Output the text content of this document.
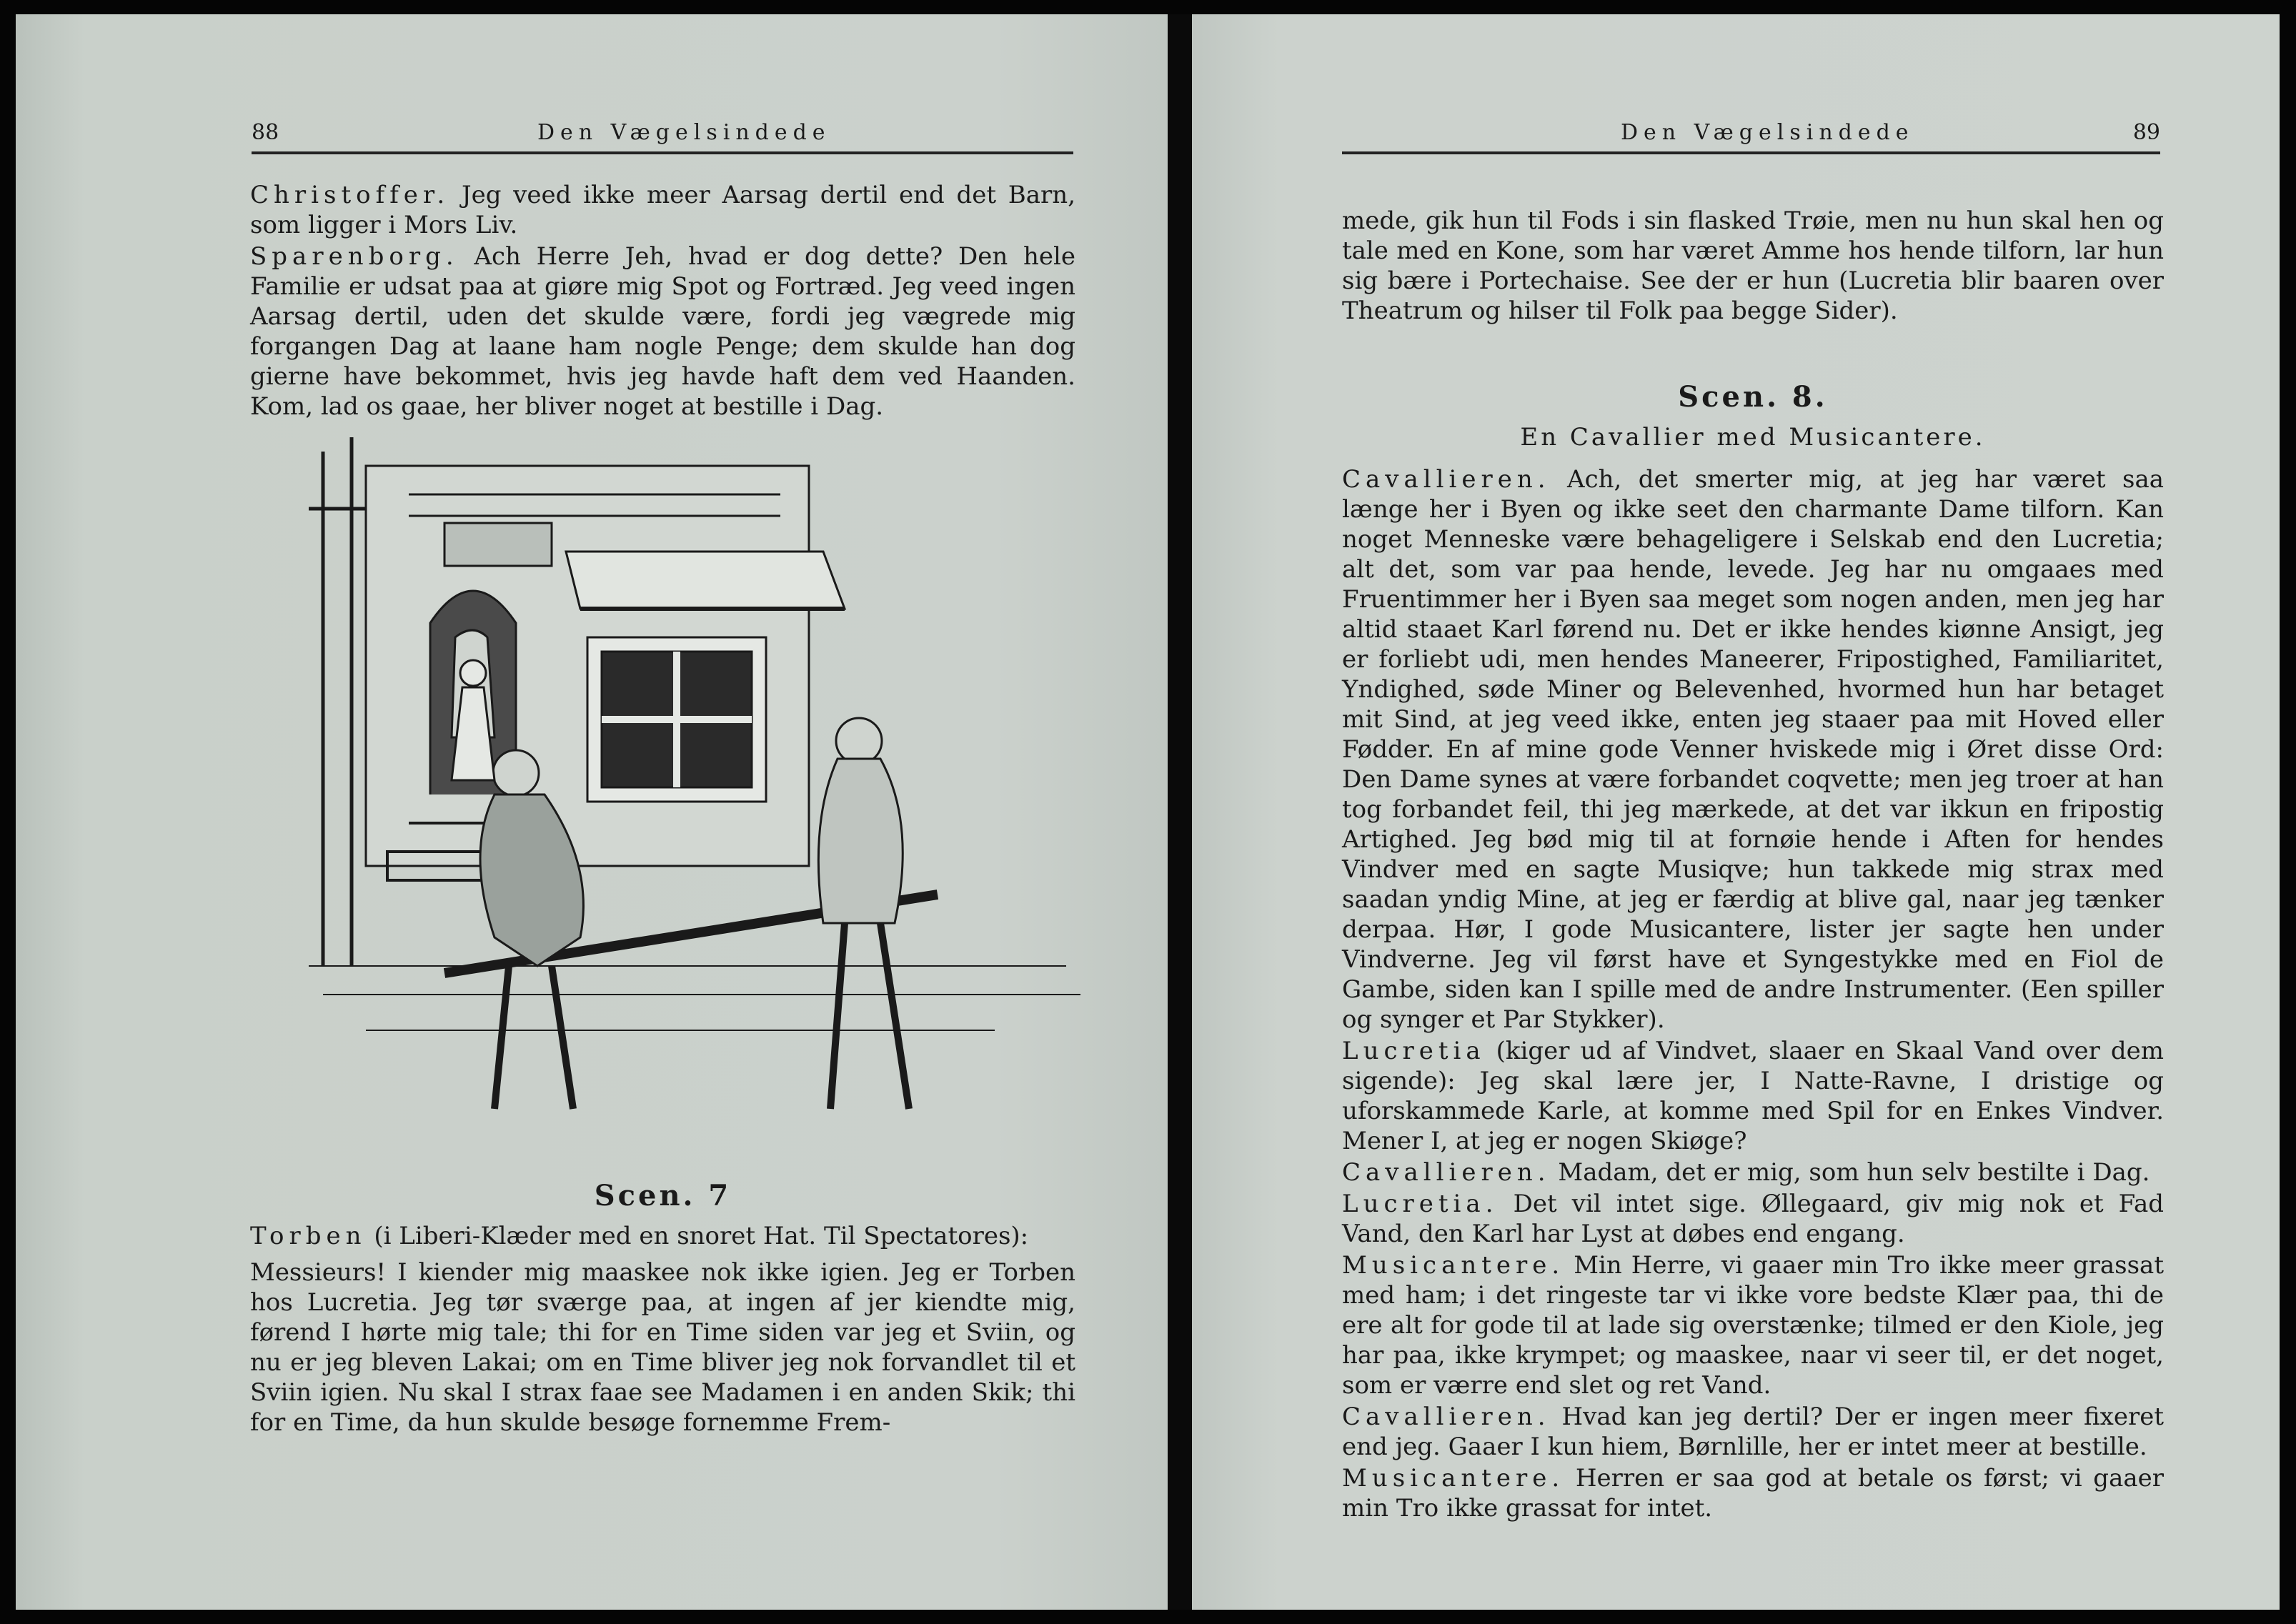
88	Den Vægelsindede

Christoffer. Jeg veed ikke meer Aarsag dertil end det Barn, som ligger i Mors Liv.

Sparenborg. Ach Herre Jeh, hvad er dog dette? Den hele Familie er udsat paa at giøre mig Spot og Fortræd. Jeg veed ingen Aarsag dertil, uden det skulde være, fordi jeg vægrede mig forgangen Dag at laane ham nogle Penge; dem skulde han dog gierne have bekommet, hvis jeg havde haft dem ved Haanden. Kom, lad os gaae, her bliver noget at bestille i Dag.

Scen. 7
Torben (i Liberi-Klæder med en snoret Hat. Til Spectatores):

Messieurs! I kiender mig maaskee nok ikke igien. Jeg er Torben hos Lucretia. Jeg tør sværge paa, at ingen af jer kiendte mig, førend I hørte mig tale; thi for en Time siden var jeg et Sviin, og nu er jeg bleven Lakai; om en Time bliver jeg nok forvandlet til et Sviin igien. Nu skal I strax faae see Madamen i en anden Skik; thi for en Time, da hun skulde besøge fornemme Frem-

Den Vægelsindede	89

mede, gik hun til Fods i sin flasked Trøie, men nu hun skal hen og tale med en Kone, som har været Amme hos hende tilforn, lar hun sig bære i Portechaise. See der er hun (Lucretia blir baaren over Theatrum og hilser til Folk paa begge Sider).

Scen. 8.
En Cavallier med Musicantere.

Cavallieren. Ach, det smerter mig, at jeg har været saa længe her i Byen og ikke seet den charmante Dame tilforn. Kan noget Menneske være behageligere i Selskab end den Lucretia; alt det, som var paa hende, levede. Jeg har nu omgaaes med Fruentimmer her i Byen saa meget som nogen anden, men jeg har altid staaet Karl førend nu. Det er ikke hendes kiønne Ansigt, jeg er forliebt udi, men hendes Maneerer, Fripostighed, Familiaritet, Yndighed, søde Miner og Belevenhed, hvormed hun har betaget mit Sind, at jeg veed ikke, enten jeg staaer paa mit Hoved eller Fødder. En af mine gode Venner hviskede mig i Øret disse Ord: Den Dame synes at være forbandet coqvette; men jeg troer at han tog forbandet feil, thi jeg mærkede, at det var ikkun en fripostig Artighed. Jeg bød mig til at fornøie hende i Aften for hendes Vindver med en sagte Musiqve; hun takkede mig strax med saadan yndig Mine, at jeg er færdig at blive gal, naar jeg tænker derpaa. Hør, I gode Musicantere, lister jer sagte hen under Vindverne. Jeg vil først have et Syngestykke med en Fiol de Gambe, siden kan I spille med de andre Instrumenter. (Een spiller og synger et Par Stykker).

Lucretia (kiger ud af Vindvet, slaaer en Skaal Vand over dem sigende): Jeg skal lære jer, I Natte-Ravne, I dristige og uforskammede Karle, at komme med Spil for en Enkes Vindver. Mener I, at jeg er nogen Skiøge?

Cavallieren. Madam, det er mig, som hun selv bestilte i Dag.

Lucretia. Det vil intet sige. Øllegaard, giv mig nok et Fad Vand, den Karl har Lyst at døbes end engang.

Musicantere. Min Herre, vi gaaer min Tro ikke meer grassat med ham; i det ringeste tar vi ikke vore bedste Klær paa, thi de ere alt for gode til at lade sig overstænke; tilmed er den Kiole, jeg har paa, ikke krympet; og maaskee, naar vi seer til, er det noget, som er værre end slet og ret Vand.

Cavallieren. Hvad kan jeg dertil? Der er ingen meer fixeret end jeg. Gaaer I kun hiem, Børnlille, her er intet meer at bestille.

Musicantere. Herren er saa god at betale os først; vi gaaer min Tro ikke grassat for intet.
